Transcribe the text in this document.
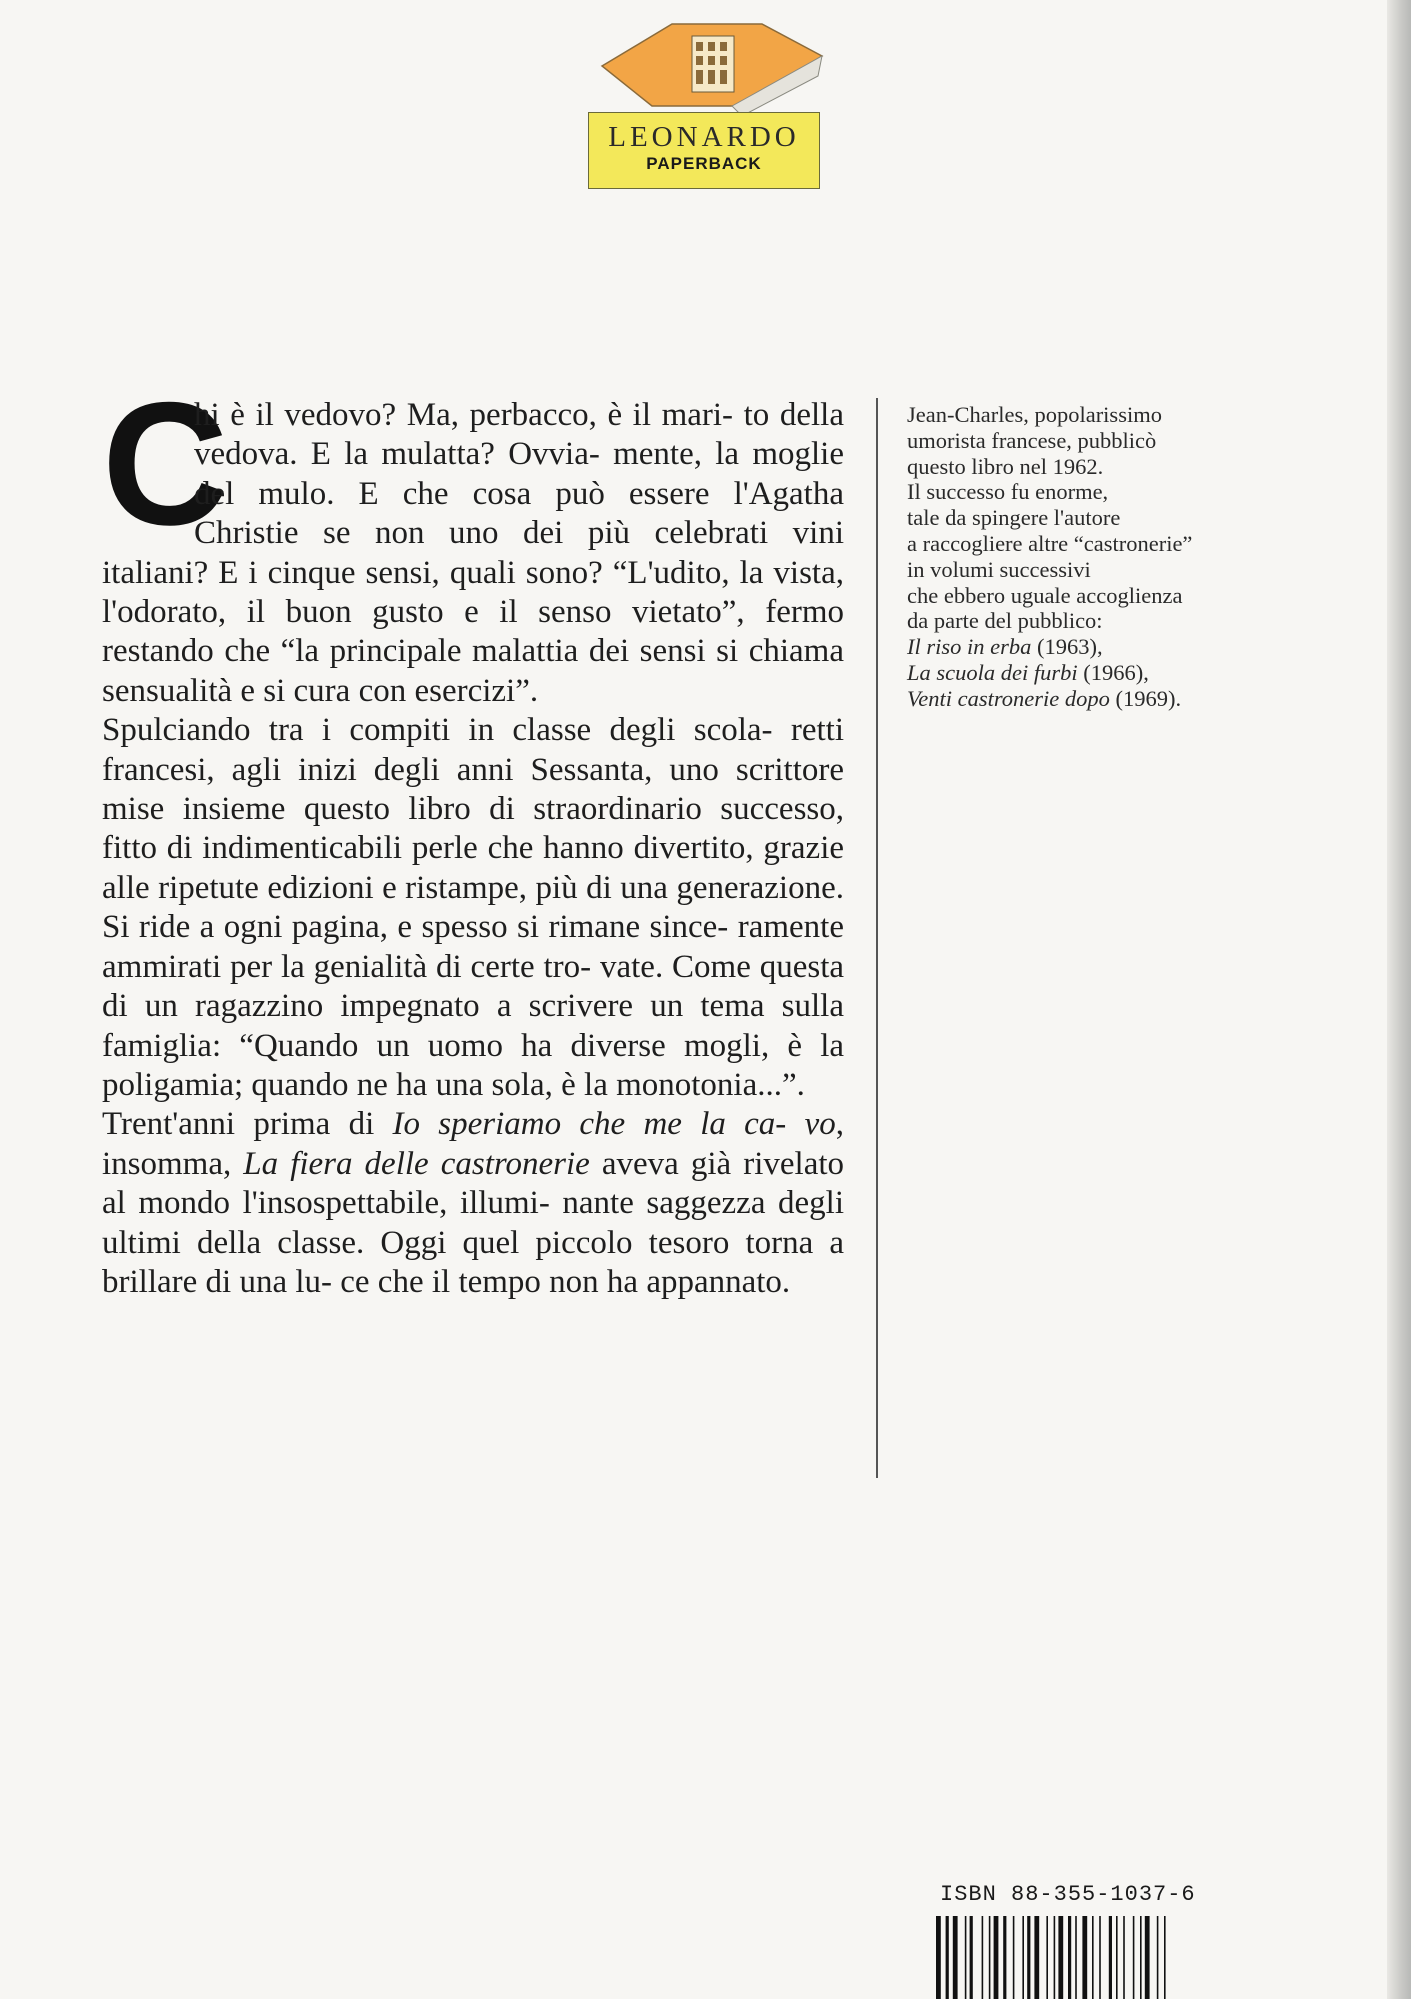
LEONARDO
PAPERBACK

C
hi è il vedovo? Ma, perbacco, è il mari- to della vedova. E la mulatta? Ovvia- mente, la moglie del mulo. E che cosa può essere l'Agatha Christie se non uno dei più celebrati vini italiani? E i cinque sensi, quali sono? “L'udito, la vista, l'odorato, il buon gusto e il senso vietato”, fermo restando che “la principale malattia dei sensi si chiama sensualità e si cura con esercizi”.

Spulciando tra i compiti in classe degli scola- retti francesi, agli inizi degli anni Sessanta, uno scrittore mise insieme questo libro di straordinario successo, fitto di indimenticabili perle che hanno divertito, grazie alle ripetute edizioni e ristampe, più di una generazione. Si ride a ogni pagina, e spesso si rimane since- ramente ammirati per la genialità di certe tro- vate. Come questa di un ragazzino impegnato a scrivere un tema sulla famiglia: “Quando un uomo ha diverse mogli, è la poligamia; quando ne ha una sola, è la monotonia...”.

Trent'anni prima di Io speriamo che me la ca- vo, insomma, La fiera delle castronerie aveva già rivelato al mondo l'insospettabile, illumi- nante saggezza degli ultimi della classe. Oggi quel piccolo tesoro torna a brillare di una lu- ce che il tempo non ha appannato.

Jean-Charles, popolarissimo
umorista francese, pubblicò
questo libro nel 1962.
Il successo fu enorme,
tale da spingere l'autore
a raccogliere altre “castronerie”
in volumi successivi
che ebbero uguale accoglienza
da parte del pubblico:
Il riso in erba (1963),
La scuola dei furbi (1966),
Venti castronerie dopo (1969).
ISBN 88-355-1037-6
